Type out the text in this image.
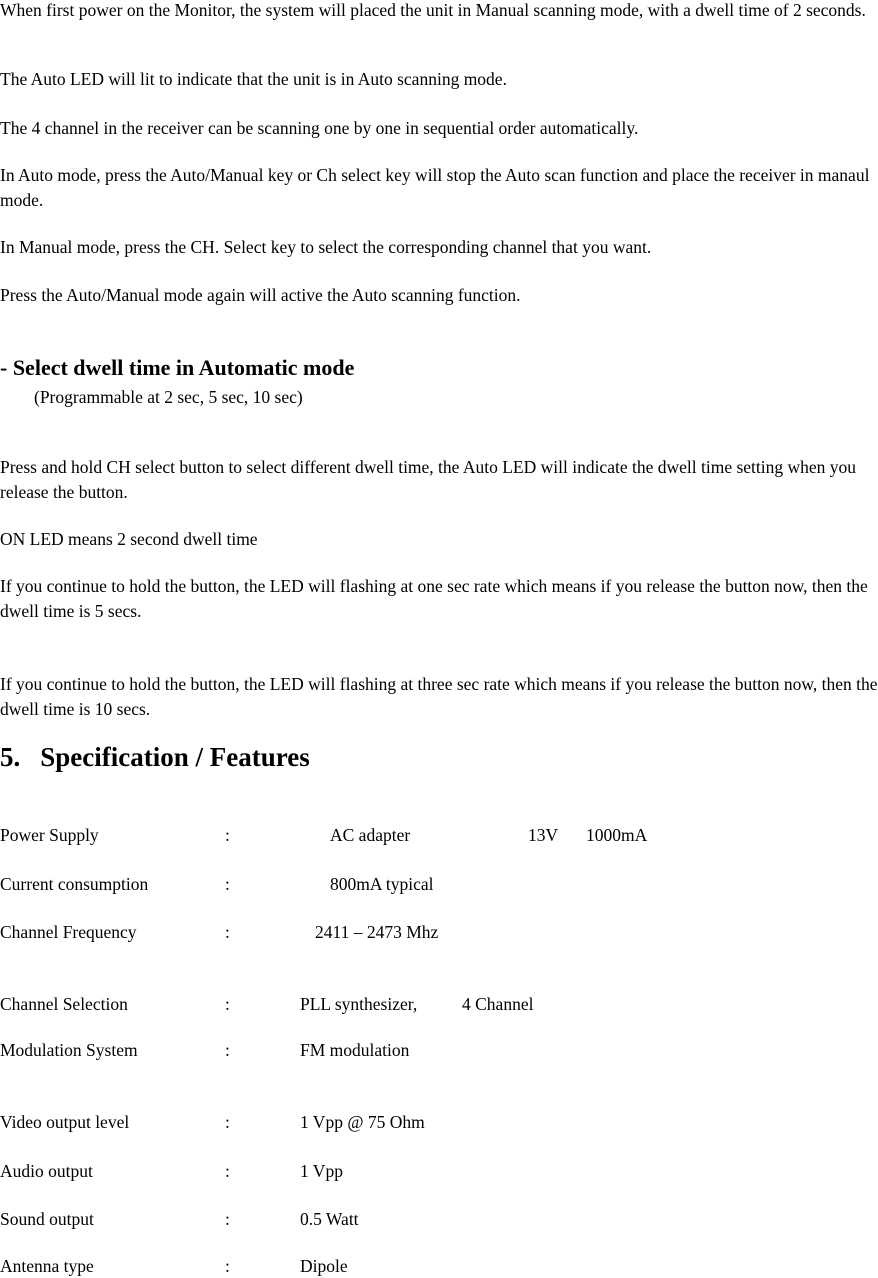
When first power on the Monitor, the system will placed the unit in Manual scanning mode, with a dwell time of 2 seconds.
The Auto LED will lit to indicate that the unit is in Auto scanning mode.
The 4 channel in the receiver can be scanning one by one in sequential order automatically.
In Auto mode, press the Auto/Manual key or Ch select key will stop the Auto scan function and place the receiver in manaul mode.
In Manual mode, press the CH. Select key to select the corresponding channel that you want.
Press the Auto/Manual mode again will active the Auto scanning function.
- Select dwell time in Automatic mode
(Programmable at 2 sec, 5 sec, 10 sec)
Press and hold CH select button to select different dwell time, the Auto LED will indicate the dwell time setting when you release the button.
ON LED means 2 second dwell time
If you continue to hold the button, the LED will flashing at one sec rate which means if you release the button now, then the dwell time is 5 secs.
If you continue to hold the button, the LED will flashing at three sec rate which means if you release the button now, then the dwell time is 10 secs.
5. Specification / Features
Power Supply	:	AC adapter	13V 1000mA
Current consumption	:	800mA typical
Channel Frequency	:	2411 – 2473 Mhz
Channel Selection	:	PLL synthesizer,	4 Channel
Modulation System	:	FM modulation
Video output level	:	1 Vpp @ 75 Ohm
Audio output	:	1 Vpp
Sound output	:	0.5 Watt
Antenna type	:	Dipole
